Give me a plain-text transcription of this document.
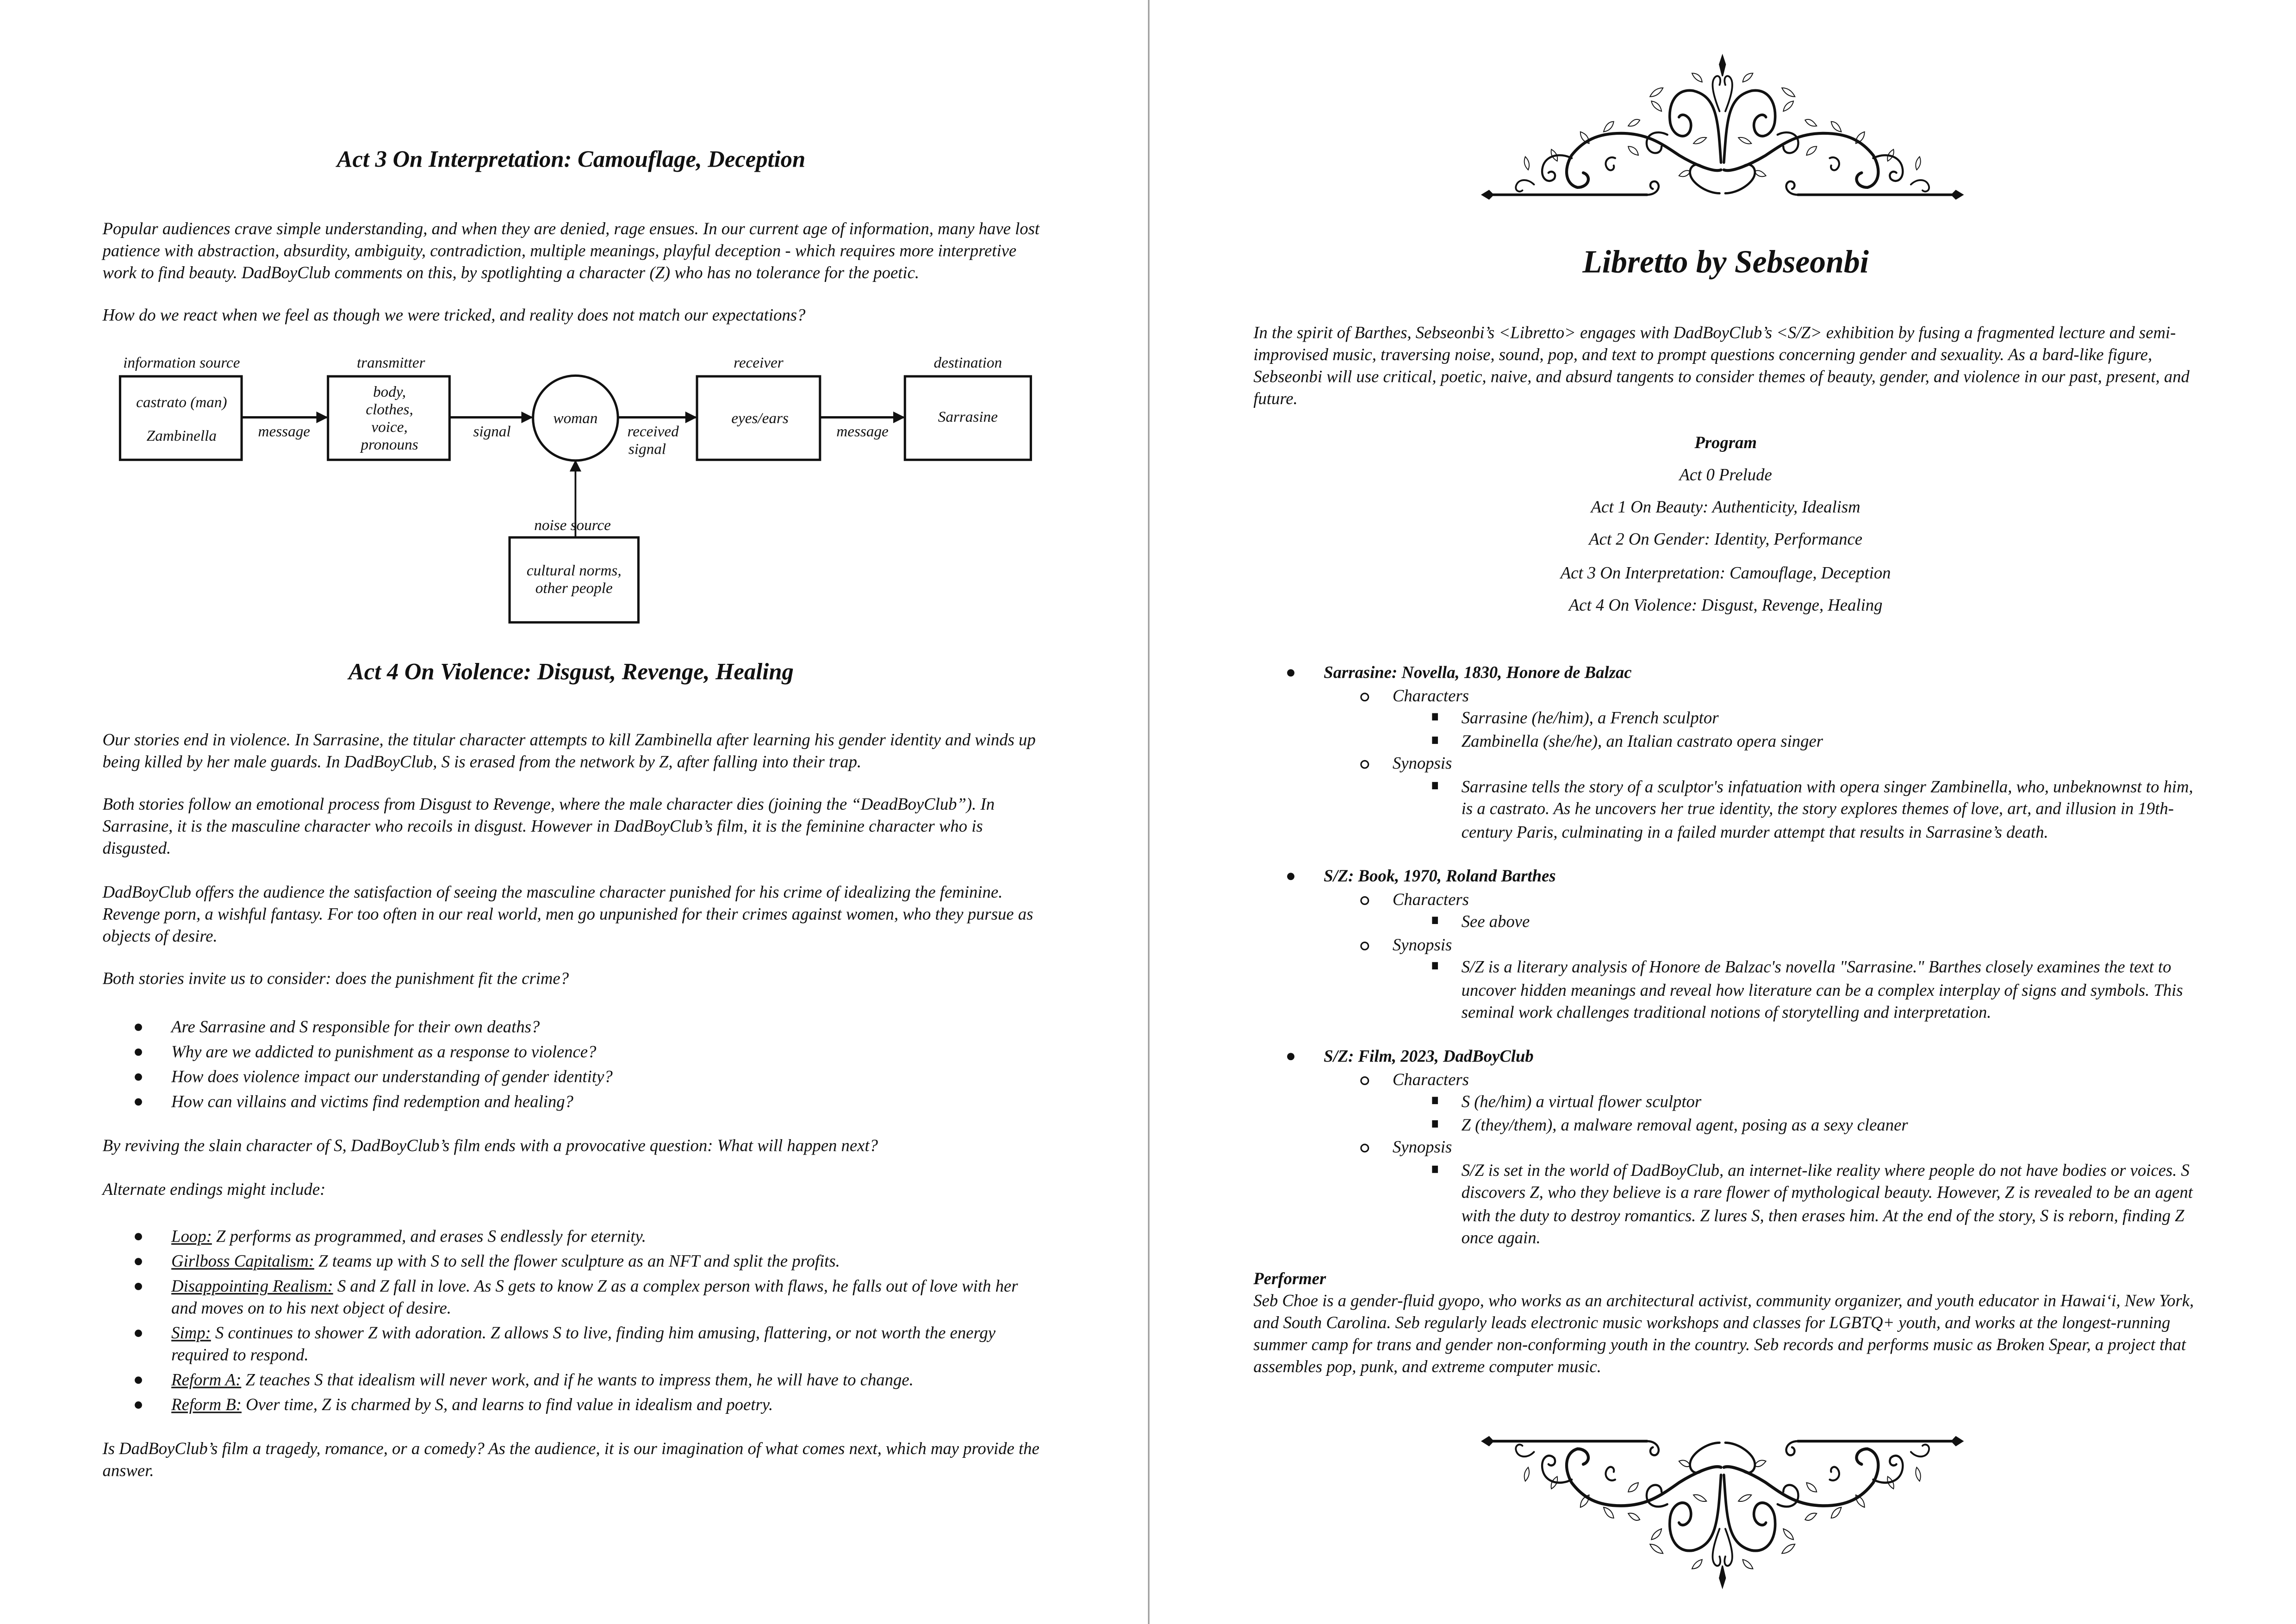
Act 3 On Interpretation: Camouflage, Deception

Popular audiences crave simple understanding, and when they are denied, rage ensues. In our current age of information, many have lost patience with abstraction, absurdity, ambiguity, contradiction, multiple meanings, playful deception - which requires more interpretive work to find beauty. DadBoyClub comments on this, by spotlighting a character (Z) who has no tolerance for the poetic.

How do we react when we feel as though we were tricked, and reality does not match our expectations?

information source	transmitter	receiver	destination
noise source
castrato (man)
Zambinella
body,
clothes,
voice,
pronouns
woman	eyes/ears	Sarrasine
cultural norms,
other people
message	signal	received
signal
message
Act 4 On Violence: Disgust, Revenge, Healing

Our stories end in violence. In Sarrasine, the titular character attempts to kill Zambinella after learning his gender identity and winds up being killed by her male guards. In DadBoyClub, S is erased from the network by Z, after falling into their trap.

Both stories follow an emotional process from Disgust to Revenge, where the male character dies (joining the “DeadBoyClub”). In Sarrasine, it is the masculine character who recoils in disgust. However in DadBoyClub’s film, it is the feminine character who is disgusted.

DadBoyClub offers the audience the satisfaction of seeing the masculine character punished for his crime of idealizing the feminine. Revenge porn, a wishful fantasy. For too often in our real world, men go unpunished for their crimes against women, who they pursue as objects of desire.

Both stories invite us to consider: does the punishment fit the crime?

Are Sarrasine and S responsible for their own deaths?
Why are we addicted to punishment as a response to violence?
How does violence impact our understanding of gender identity?
How can villains and victims find redemption and healing?

By reviving the slain character of S, DadBoyClub’s film ends with a provocative question: What will happen next?

Alternate endings might include:

Loop: Z performs as programmed, and erases S endlessly for eternity.
Girlboss Capitalism: Z teams up with S to sell the flower sculpture as an NFT and split the profits.
Disappointing Realism: S and Z fall in love. As S gets to know Z as a complex person with flaws, he falls out of love with her and moves on to his next object of desire.
Simp: S continues to shower Z with adoration. Z allows S to live, finding him amusing, flattering, or not worth the energy required to respond.
Reform A: Z teaches S that idealism will never work, and if he wants to impress them, he will have to change.
Reform B: Over time, Z is charmed by S, and learns to find value in idealism and poetry.

Is DadBoyClub’s film a tragedy, romance, or a comedy? As the audience, it is our imagination of what comes next, which may provide the answer.

Libretto by Sebseonbi

In the spirit of Barthes, Sebseonbi’s <Libretto> engages with DadBoyClub’s <S/Z> exhibition by fusing a fragmented lecture and semi-improvised music, traversing noise, sound, pop, and text to prompt questions concerning gender and sexuality. As a bard-like figure, Sebseonbi will use critical, poetic, naive, and absurd tangents to consider themes of beauty, gender, and violence in our past, present, and future.

Program
Act 0 Prelude
Act 1 On Beauty: Authenticity, Idealism
Act 2 On Gender: Identity, Performance
Act 3 On Interpretation: Camouflage, Deception
Act 4 On Violence: Disgust, Revenge, Healing
Sarrasine: Novella, 1830, Honore de Balzac
Characters
Sarrasine (he/him), a French sculptor
Zambinella (she/he), an Italian castrato opera singer
Synopsis
Sarrasine tells the story of a sculptor's infatuation with opera singer Zambinella, who, unbeknownst to him, is a castrato. As he uncovers her true identity, the story explores themes of love, art, and illusion in 19th-century Paris, culminating in a failed murder attempt that results in Sarrasine’s death.
S/Z: Book, 1970, Roland Barthes
Characters
See above
Synopsis
S/Z is a literary analysis of Honore de Balzac's novella "Sarrasine." Barthes closely examines the text to uncover hidden meanings and reveal how literature can be a complex interplay of signs and symbols. This seminal work challenges traditional notions of storytelling and interpretation.
S/Z: Film, 2023, DadBoyClub
Characters
S (he/him) a virtual flower sculptor
Z (they/them), a malware removal agent, posing as a sexy cleaner
Synopsis
S/Z is set in the world of DadBoyClub, an internet-like reality where people do not have bodies or voices. S discovers Z, who they believe is a rare flower of mythological beauty. However, Z is revealed to be an agent with the duty to destroy romantics. Z lures S, then erases him. At the end of the story, S is reborn, finding Z once again.
Performer

Seb Choe is a gender-fluid gyopo, who works as an architectural activist, community organizer, and youth educator in Hawaiʻi, New York, and South Carolina. Seb regularly leads electronic music workshops and classes for LGBTQ+ youth, and works at the longest-running summer camp for trans and gender non-conforming youth in the country. Seb records and performs music as Broken Spear, a project that assembles pop, punk, and extreme computer music.
